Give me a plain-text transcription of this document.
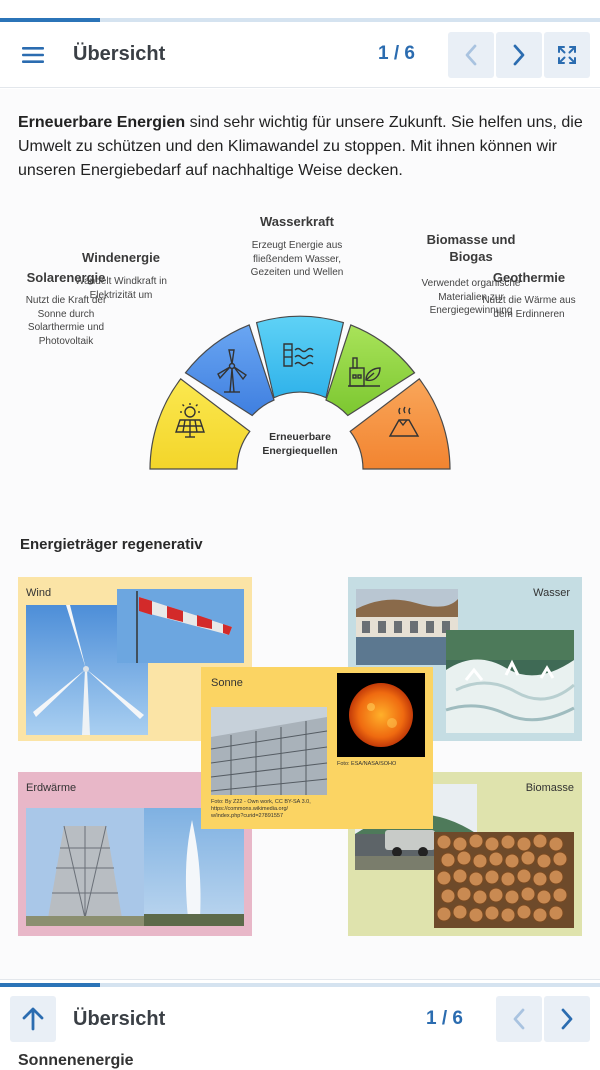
Übersicht	1 / 6

Erneuerbare Energien sind sehr wichtig für unsere Zukunft. Sie helfen uns, die Umwelt zu schützen und den Klimawandel zu stoppen. Mit ihnen können wir unseren Energiebedarf auf nachhaltige Weise decken.

Solarenergie
Nutzt die Kraft der
Sonne durch
Solarthermie und
Photovoltaik
Windenergie
Wandelt Windkraft in
Elektrizität um
Wasserkraft
Erzeugt Energie aus
fließendem Wasser,
Gezeiten und Wellen
Biomasse und
Biogas
Verwendet organische
Materialien zur
Energiegewinnung
Geothermie
Nutzt die Wärme aus
dem Erdinneren
Erneuerbare
Energiequellen
Energieträger regenerativ
Wind	Wasser
Erdwärme	Biomasse
Sonne
Foto: ESA/NASA/SOHO
Foto: By Z22 - Own work, CC BY-SA 3.0,
https://commons.wikimedia.org/
w/index.php?curid=27891557
Übersicht	1 / 6
Sonnenenergie
